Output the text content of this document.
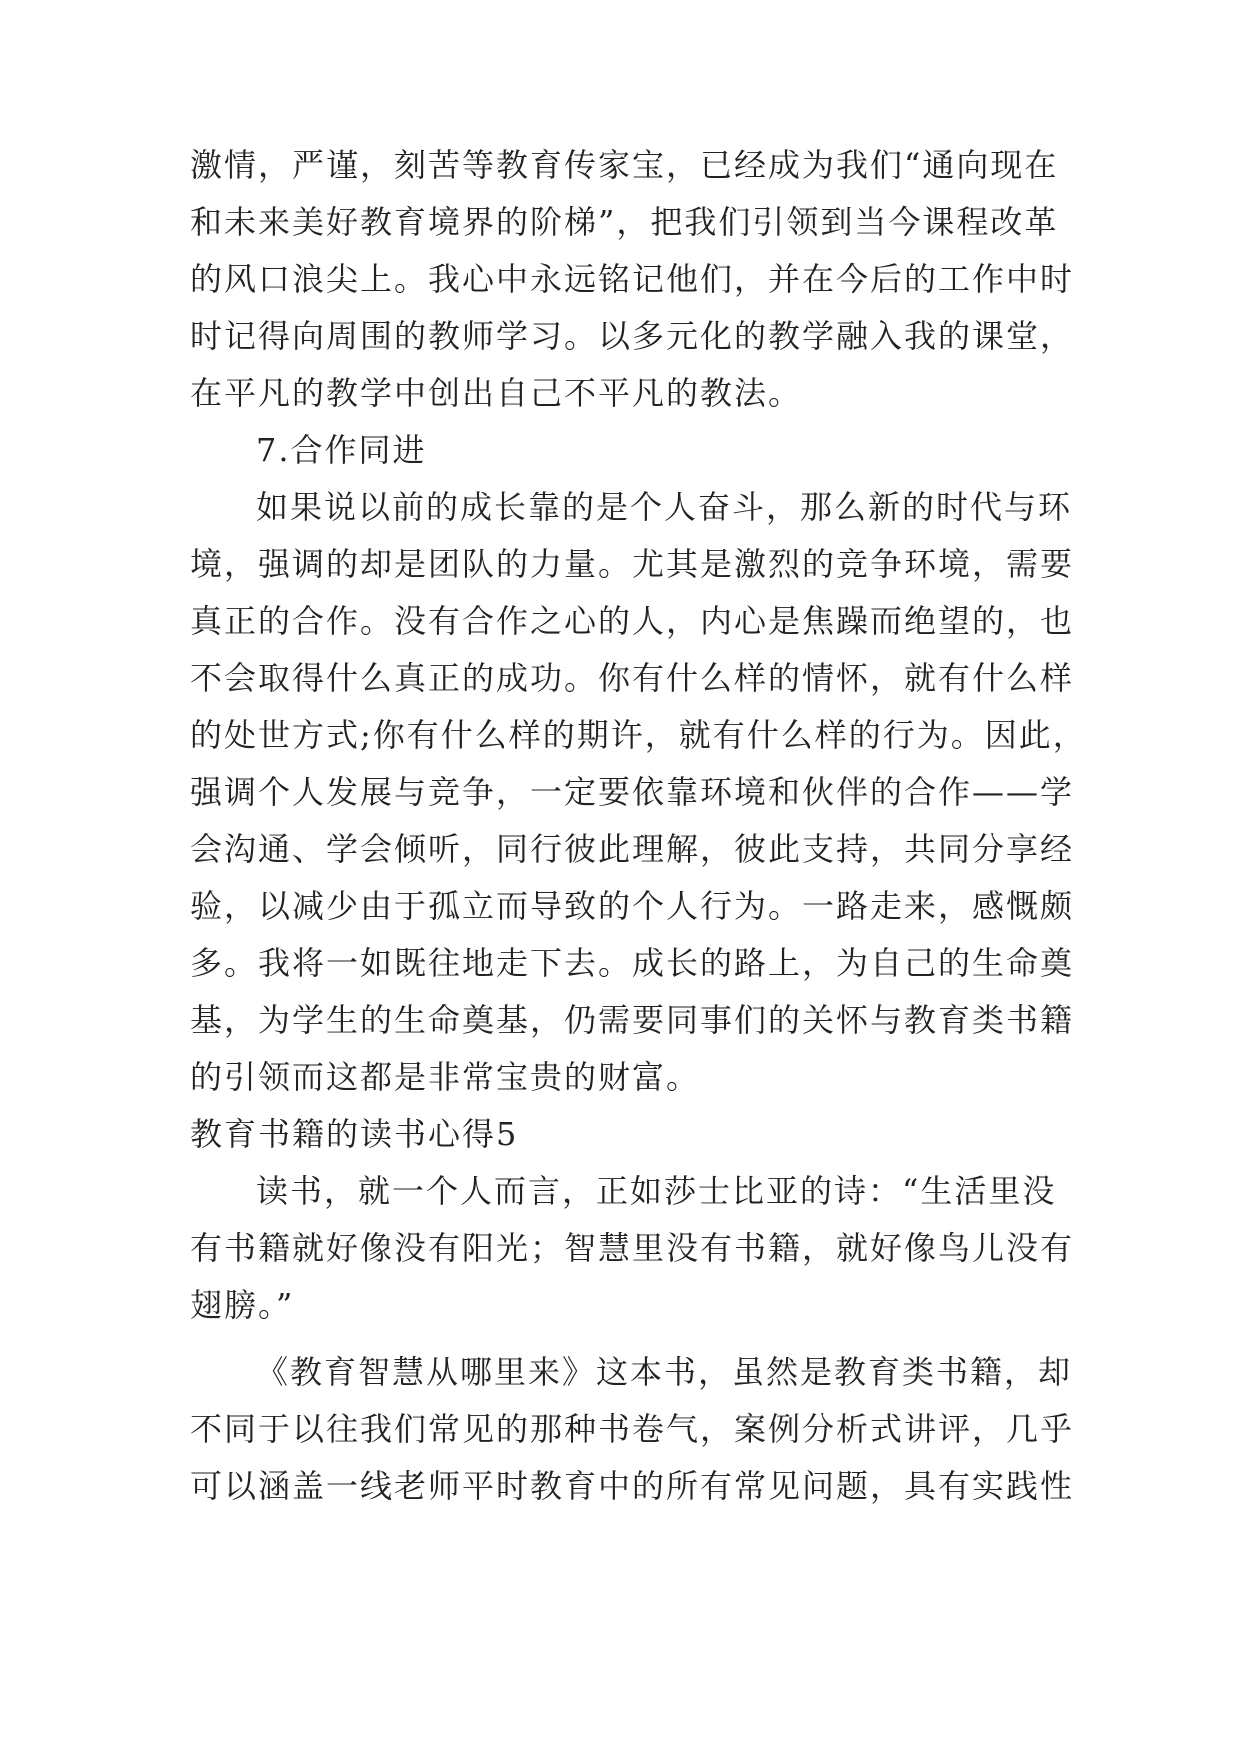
激情，严谨，刻苦等教育传家宝，已经成为我们“通向现在
和未来美好教育境界的阶梯”，把我们引领到当今课程改革
的风口浪尖上。我心中永远铭记他们，并在今后的工作中时
时记得向周围的教师学习。以多元化的教学融入我的课堂，
在平凡的教学中创出自己不平凡的教法。
7.合作同进
如果说以前的成长靠的是个人奋斗，那么新的时代与环
境，强调的却是团队的力量。尤其是激烈的竞争环境，需要
真正的合作。没有合作之心的人，内心是焦躁而绝望的，也
不会取得什么真正的成功。你有什么样的情怀，就有什么样
的处世方式;你有什么样的期许，就有什么样的行为。因此，
强调个人发展与竞争，一定要依靠环境和伙伴的合作——学
会沟通、学会倾听，同行彼此理解，彼此支持，共同分享经
验，以减少由于孤立而导致的个人行为。一路走来，感慨颇
多。我将一如既往地走下去。成长的路上，为自己的生命奠
基，为学生的生命奠基，仍需要同事们的关怀与教育类书籍
的引领而这都是非常宝贵的财富。
教育书籍的读书心得5
读书，就一个人而言，正如莎士比亚的诗：“生活里没
有书籍就好像没有阳光；智慧里没有书籍，就好像鸟儿没有
翅膀。”
《教育智慧从哪里来》这本书，虽然是教育类书籍，却
不同于以往我们常见的那种书卷气，案例分析式讲评，几乎
可以涵盖一线老师平时教育中的所有常见问题，具有实践性
